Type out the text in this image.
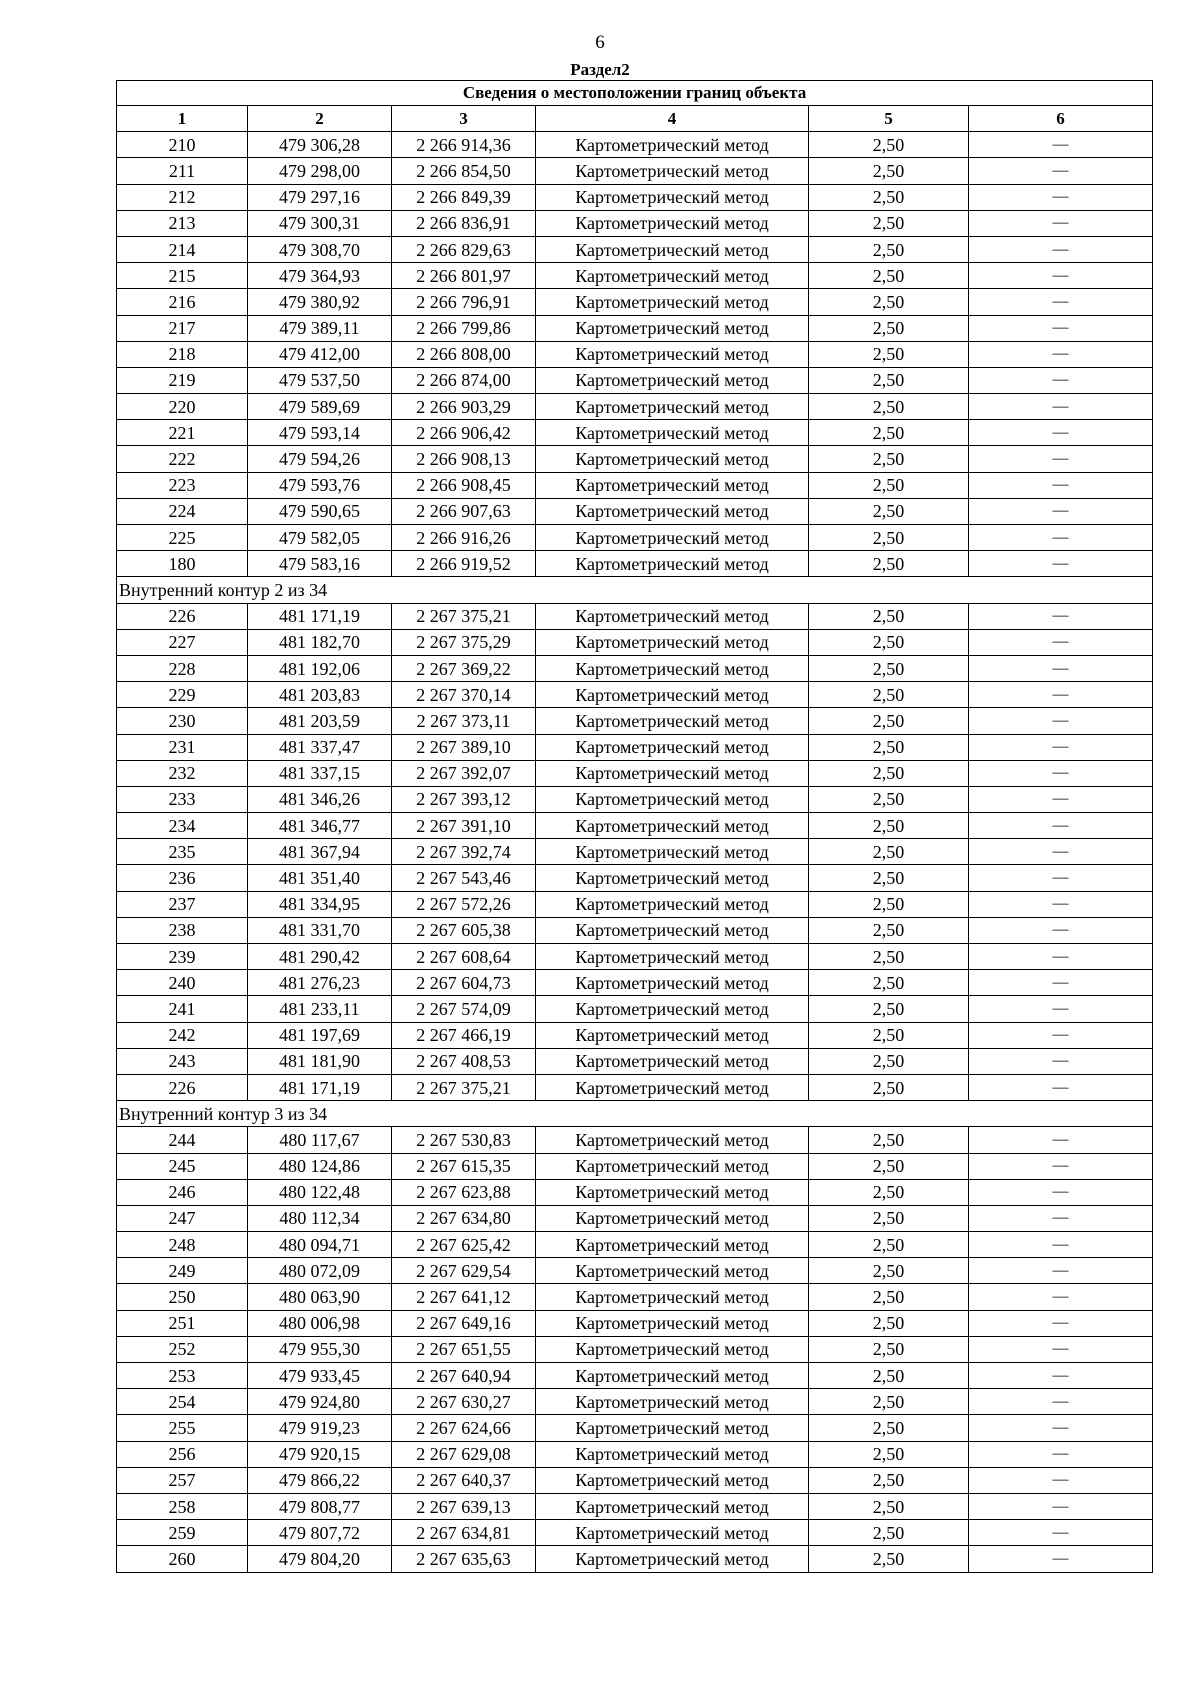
6
Раздел2
Сведения о местоположении границ объекта					
1	2	3	4	5	6
210	479 306,28	2 266 914,36	Картометрический метод	2,50	—
211	479 298,00	2 266 854,50	Картометрический метод	2,50	—
212	479 297,16	2 266 849,39	Картометрический метод	2,50	—
213	479 300,31	2 266 836,91	Картометрический метод	2,50	—
214	479 308,70	2 266 829,63	Картометрический метод	2,50	—
215	479 364,93	2 266 801,97	Картометрический метод	2,50	—
216	479 380,92	2 266 796,91	Картометрический метод	2,50	—
217	479 389,11	2 266 799,86	Картометрический метод	2,50	—
218	479 412,00	2 266 808,00	Картометрический метод	2,50	—
219	479 537,50	2 266 874,00	Картометрический метод	2,50	—
220	479 589,69	2 266 903,29	Картометрический метод	2,50	—
221	479 593,14	2 266 906,42	Картометрический метод	2,50	—
222	479 594,26	2 266 908,13	Картометрический метод	2,50	—
223	479 593,76	2 266 908,45	Картометрический метод	2,50	—
224	479 590,65	2 266 907,63	Картометрический метод	2,50	—
225	479 582,05	2 266 916,26	Картометрический метод	2,50	—
180	479 583,16	2 266 919,52	Картометрический метод	2,50	—
Внутренний контур 2 из 34					
226	481 171,19	2 267 375,21	Картометрический метод	2,50	—
227	481 182,70	2 267 375,29	Картометрический метод	2,50	—
228	481 192,06	2 267 369,22	Картометрический метод	2,50	—
229	481 203,83	2 267 370,14	Картометрический метод	2,50	—
230	481 203,59	2 267 373,11	Картометрический метод	2,50	—
231	481 337,47	2 267 389,10	Картометрический метод	2,50	—
232	481 337,15	2 267 392,07	Картометрический метод	2,50	—
233	481 346,26	2 267 393,12	Картометрический метод	2,50	—
234	481 346,77	2 267 391,10	Картометрический метод	2,50	—
235	481 367,94	2 267 392,74	Картометрический метод	2,50	—
236	481 351,40	2 267 543,46	Картометрический метод	2,50	—
237	481 334,95	2 267 572,26	Картометрический метод	2,50	—
238	481 331,70	2 267 605,38	Картометрический метод	2,50	—
239	481 290,42	2 267 608,64	Картометрический метод	2,50	—
240	481 276,23	2 267 604,73	Картометрический метод	2,50	—
241	481 233,11	2 267 574,09	Картометрический метод	2,50	—
242	481 197,69	2 267 466,19	Картометрический метод	2,50	—
243	481 181,90	2 267 408,53	Картометрический метод	2,50	—
226	481 171,19	2 267 375,21	Картометрический метод	2,50	—
Внутренний контур 3 из 34					
244	480 117,67	2 267 530,83	Картометрический метод	2,50	—
245	480 124,86	2 267 615,35	Картометрический метод	2,50	—
246	480 122,48	2 267 623,88	Картометрический метод	2,50	—
247	480 112,34	2 267 634,80	Картометрический метод	2,50	—
248	480 094,71	2 267 625,42	Картометрический метод	2,50	—
249	480 072,09	2 267 629,54	Картометрический метод	2,50	—
250	480 063,90	2 267 641,12	Картометрический метод	2,50	—
251	480 006,98	2 267 649,16	Картометрический метод	2,50	—
252	479 955,30	2 267 651,55	Картометрический метод	2,50	—
253	479 933,45	2 267 640,94	Картометрический метод	2,50	—
254	479 924,80	2 267 630,27	Картометрический метод	2,50	—
255	479 919,23	2 267 624,66	Картометрический метод	2,50	—
256	479 920,15	2 267 629,08	Картометрический метод	2,50	—
257	479 866,22	2 267 640,37	Картометрический метод	2,50	—
258	479 808,77	2 267 639,13	Картометрический метод	2,50	—
259	479 807,72	2 267 634,81	Картометрический метод	2,50	—
260	479 804,20	2 267 635,63	Картометрический метод	2,50	—
